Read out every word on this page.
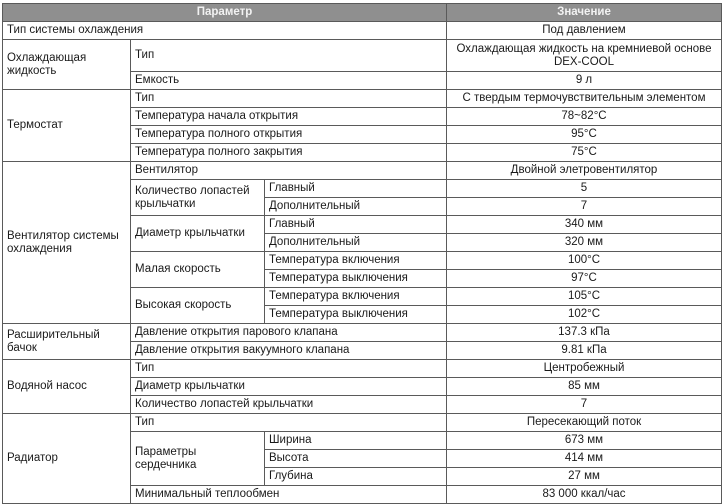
Параметр			Значение
Тип системы охлаждения			Под давлением
Охлаждающая жидкость	Тип		Охлаждающая жидкость на кремниевой основе DEX-COOL
	Емкость		9 л
Термостат	Тип		С твердым термочувствительным элементом
	Температура начала открытия		78~82°С
	Температура полного открытия		95°С
	Температура полного закрытия		75°С
Вентилятор системы охлаждения	Вентилятор		Двойной элетровентилятор
	Количество лопастей крыльчатки	Главный	5
		Дополнительный	7
	Диаметр крыльчатки	Главный	340 мм
		Дополнительный	320 мм
	Малая скорость	Температура включения	100°С
		Температура выключения	97°С
	Высокая скорость	Температура включения	105°С
		Температура выключения	102°С
Расширительный бачок	Давление открытия парового клапана		137.3 кПа
	Давление открытия вакуумного клапана		9.81 кПа
Водяной насос	Тип		Центробежный
	Диаметр крыльчатки		85 мм
	Количество лопастей крыльчатки		7
Радиатор	Тип		Пересекающий поток
	Параметры сердечника	Ширина	673 мм
		Высота	414 мм
		Глубина	27 мм
	Минимальный теплообмен		83 000 ккал/час
